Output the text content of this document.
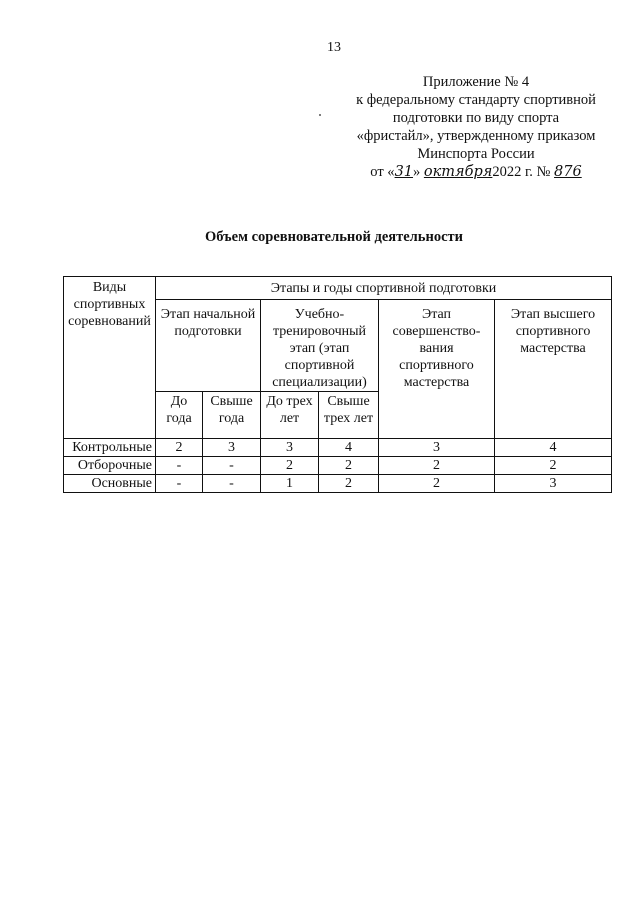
13
Приложение № 4
к федеральному стандарту спортивной
подготовки по виду спорта
«фристайл», утвержденному приказом
Минспорта России
от «31» октября2022 г. № 876
Объем соревновательной деятельности
Виды спортивных соревнований	Этапы и годы спортивной подготовки					
	Этап начальной подготовки		Учебно-тренировочный этап (этап спортивной специализации)		Этап совершенство-вания спортивного мастерства	Этап высшего спортивного мастерства
	До года	Свыше года	До трех лет	Свыше трех лет		
Контрольные	2	3	3	4	3	4
Отборочные	-	-	2	2	2	2
Основные	-	-	1	2	2	3
